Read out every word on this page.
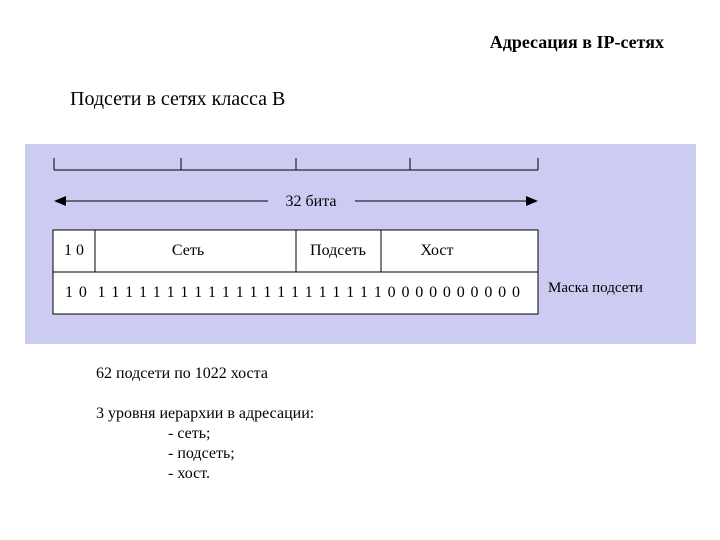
Адресация в IP-сетях
Подсети в сетях класса В
32 бита
1 0	Сеть	Подсеть	Хост
1 0  1 1 1 1 1 1 1 1 1 1 1 1 1 1 1 1 1 1 1 1 1 0 0 0 0 0 0 0 0 0 0 Маска подсети
62 подсети по 1022 хоста
3 уровня иерархии в адресации:
- сеть;
- подсеть;
- хост.
